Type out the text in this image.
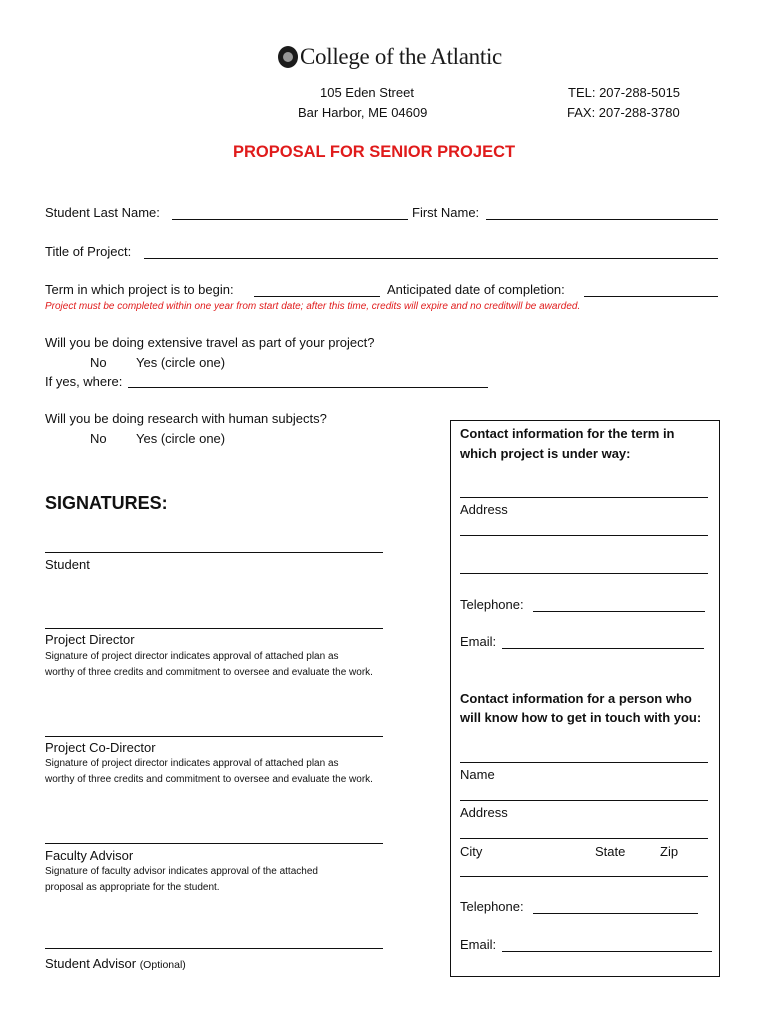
College of the Atlantic
105 Eden Street
Bar Harbor, ME 04609
TEL: 207-288-5015
FAX: 207-288-3780
PROPOSAL FOR SENIOR PROJECT
Student Last Name:	First Name:
Title of Project:
Term in which project is to begin:	Anticipated date of completion:
Project must be completed within one year from start date; after this time, credits will expire and no creditwill be awarded.
Will you be doing extensive travel as part of your project?
No Yes (circle one)
If yes, where:
Will you be doing research with human subjects?
No Yes (circle one)
SIGNATURES:
Student
Project Director
Signature of project director indicates approval of attached plan as
worthy of three credits and commitment to oversee and evaluate the work.
Project Co-Director
Signature of project director indicates approval of attached plan as
worthy of three credits and commitment to oversee and evaluate the work.
Faculty Advisor
Signature of faculty advisor indicates approval of the attached
proposal as appropriate for the student.
Student Advisor (Optional)
Contact information for the term in
which project is under way:
Address
Telephone:
Email:
Contact information for a person who
will know how to get in touch with you:
Name
Address
City	State	Zip
Telephone:
Email:
